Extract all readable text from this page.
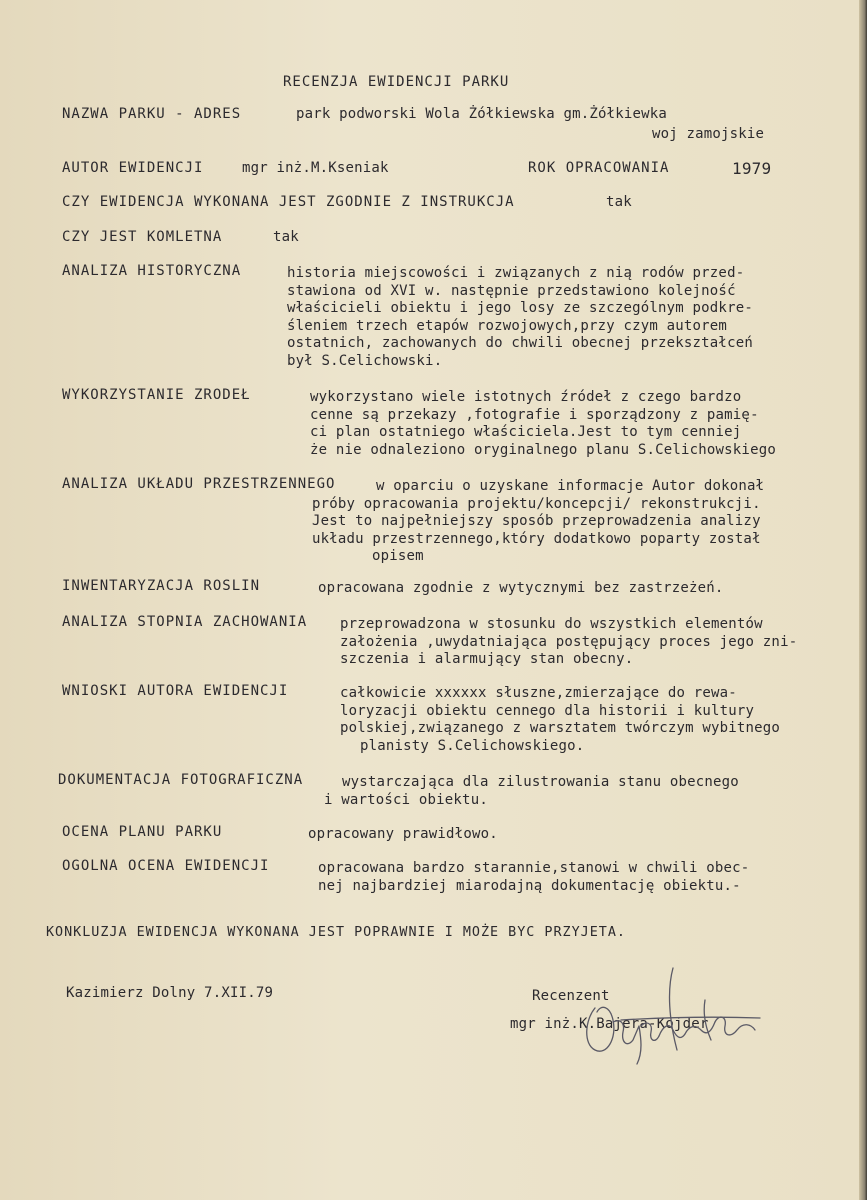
RECENZJA EWIDENCJI PARKU
NAZWA PARKU - ADRES	park podworski Wola Żółkiewska gm.Żółkiewka
woj zamojskie
AUTOR EWIDENCJI	mgr inż.M.Kseniak	ROK OPRACOWANIA	1979
CZY EWIDENCJA WYKONANA JEST ZGODNIE Z INSTRUKCJA	tak
CZY JEST KOMLETNA	tak
ANALIZA HISTORYCZNA	historia miejscowości i związanych z nią rodów przed-
stawiona od XVI w. następnie przedstawiono kolejność
właścicieli obiektu i jego losy ze szczególnym podkre-
śleniem trzech etapów rozwojowych,przy czym autorem
ostatnich, zachowanych do chwili obecnej przekształceń
był S.Celichowski.
WYKORZYSTANIE ZRODEŁ	wykorzystano wiele istotnych źródeł z czego bardzo
cenne są przekazy ,fotografie i sporządzony z pamię-
ci plan ostatniego właściciela.Jest to tym cenniej
że nie odnaleziono oryginalnego planu S.Celichowskiego
ANALIZA UKŁADU PRZESTRZENNEGO	w oparciu o uzyskane informacje Autor dokonał
próby opracowania projektu/koncepcji/ rekonstrukcji.
Jest to najpełniejszy sposób przeprowadzenia analizy
układu przestrzennego,który dodatkowo poparty został
opisem
INWENTARYZACJA ROSLIN	opracowana zgodnie z wytycznymi bez zastrzeżeń.
ANALIZA STOPNIA ZACHOWANIA przeprowadzona w stosunku do wszystkich elementów
założenia ,uwydatniająca postępujący proces jego zni-
szczenia i alarmujący stan obecny.
WNIOSKI AUTORA EWIDENCJI	całkowicie xxxxxx słuszne,zmierzające do rewa-
loryzacji obiektu cennego dla historii i kultury
polskiej,związanego z warsztatem twórczym wybitnego
planisty S.Celichowskiego.
DOKUMENTACJA FOTOGRAFICZNA	wystarczająca dla zilustrowania stanu obecnego
i wartości obiektu.
OCENA PLANU PARKU	opracowany prawidłowo.
OGOLNA OCENA EWIDENCJI	opracowana bardzo starannie,stanowi w chwili obec-
nej najbardziej miarodajną dokumentację obiektu.-
KONKLUZJA EWIDENCJA WYKONANA JEST POPRAWNIE I MOŻE BYC PRZYJETA.
Kazimierz Dolny 7.XII.79	Recenzent
mgr inż.K.Bajera-Kojder
